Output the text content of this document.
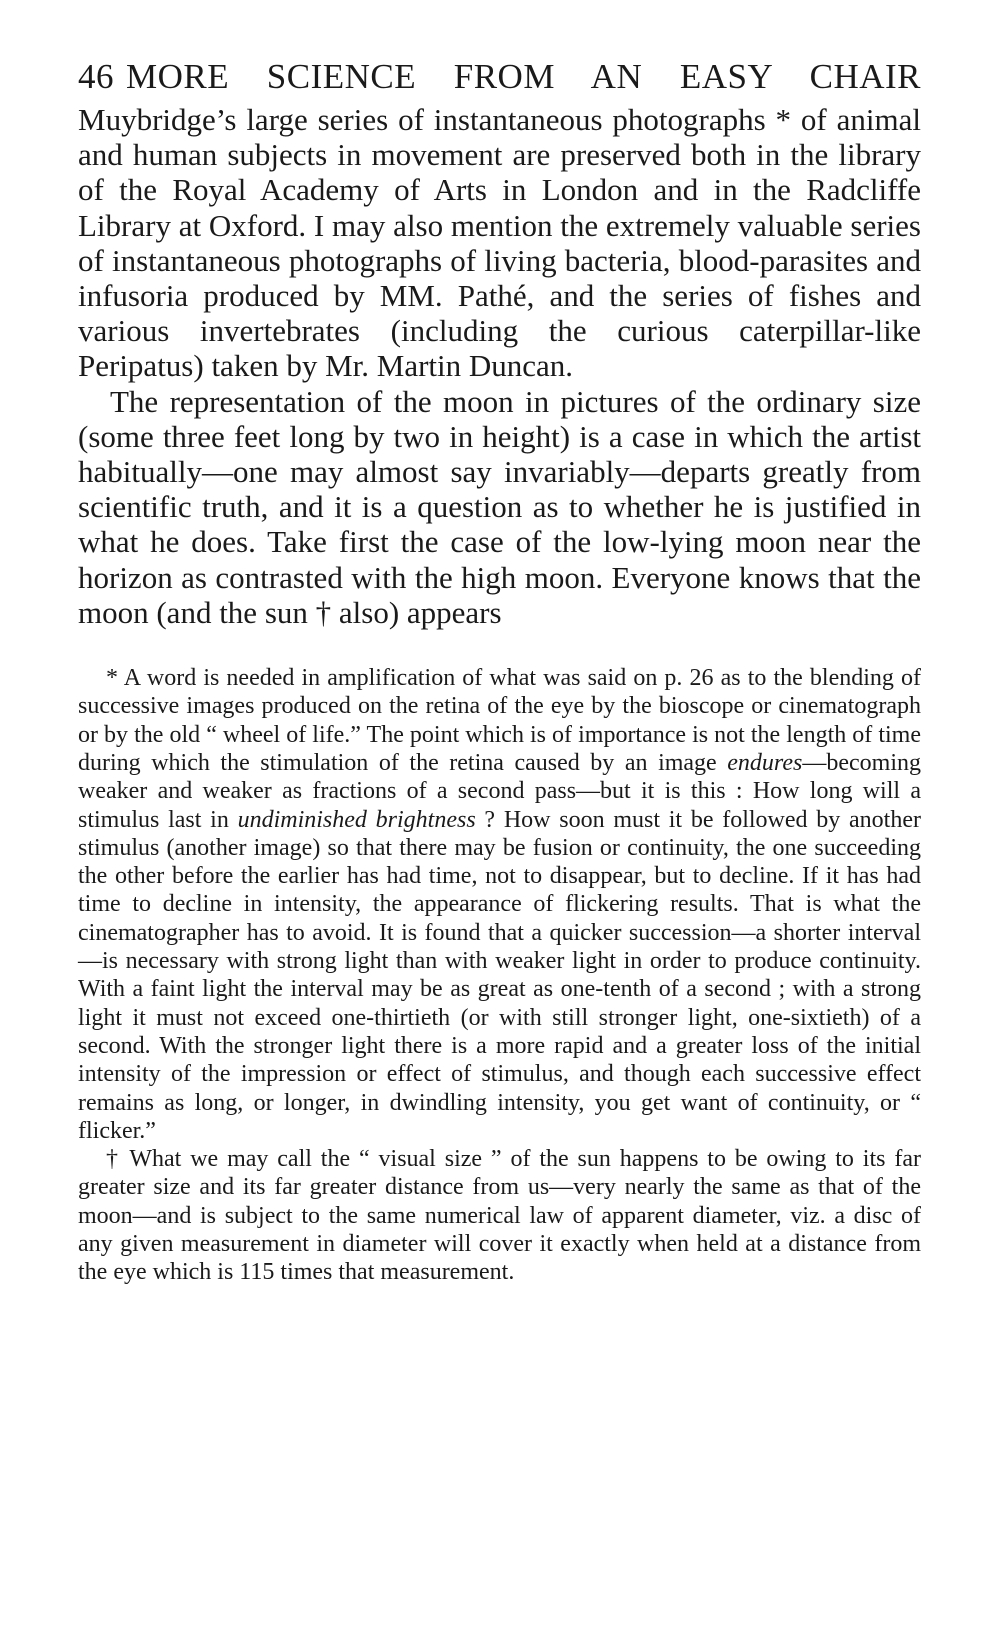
46 MORE SCIENCE FROM AN EASY CHAIR

Muybridge’s large series of instantaneous photographs * of animal and human subjects in movement are preserved both in the library of the Royal Academy of Arts in London and in the Radcliffe Library at Oxford. I may also mention the extremely valuable series of instantaneous photographs of living bacteria, blood-parasites and infusoria produced by MM. Pathé, and the series of fishes and various invertebrates (including the curious caterpillar-like Peripatus) taken by Mr. Martin Duncan.

The representation of the moon in pictures of the ordinary size (some three feet long by two in height) is a case in which the artist habitually—one may almost say invariably—departs greatly from scientific truth, and it is a question as to whether he is justified in what he does. Take first the case of the low-lying moon near the horizon as contrasted with the high moon. Everyone knows that the moon (and the sun † also) appears

* A word is needed in amplification of what was said on p. 26 as to the blending of successive images produced on the retina of the eye by the bioscope or cinematograph or by the old “ wheel of life.” The point which is of importance is not the length of time during which the stimulation of the retina caused by an image endures—becoming weaker and weaker as fractions of a second pass—but it is this : How long will a stimulus last in undiminished brightness ? How soon must it be followed by another stimulus (another image) so that there may be fusion or continuity, the one succeeding the other before the earlier has had time, not to disappear, but to decline. If it has had time to decline in intensity, the appearance of flickering results. That is what the cinematographer has to avoid. It is found that a quicker succession—a shorter interval—is necessary with strong light than with weaker light in order to produce continuity. With a faint light the interval may be as great as one-tenth of a second ; with a strong light it must not exceed one-thirtieth (or with still stronger light, one-sixtieth) of a second. With the stronger light there is a more rapid and a greater loss of the initial intensity of the impression or effect of stimulus, and though each successive effect remains as long, or longer, in dwindling intensity, you get want of continuity, or “ flicker.”

† What we may call the “ visual size ” of the sun happens to be owing to its far greater size and its far greater distance from us—very nearly the same as that of the moon—and is subject to the same numerical law of apparent diameter, viz. a disc of any given measurement in diameter will cover it exactly when held at a distance from the eye which is 115 times that measurement.
